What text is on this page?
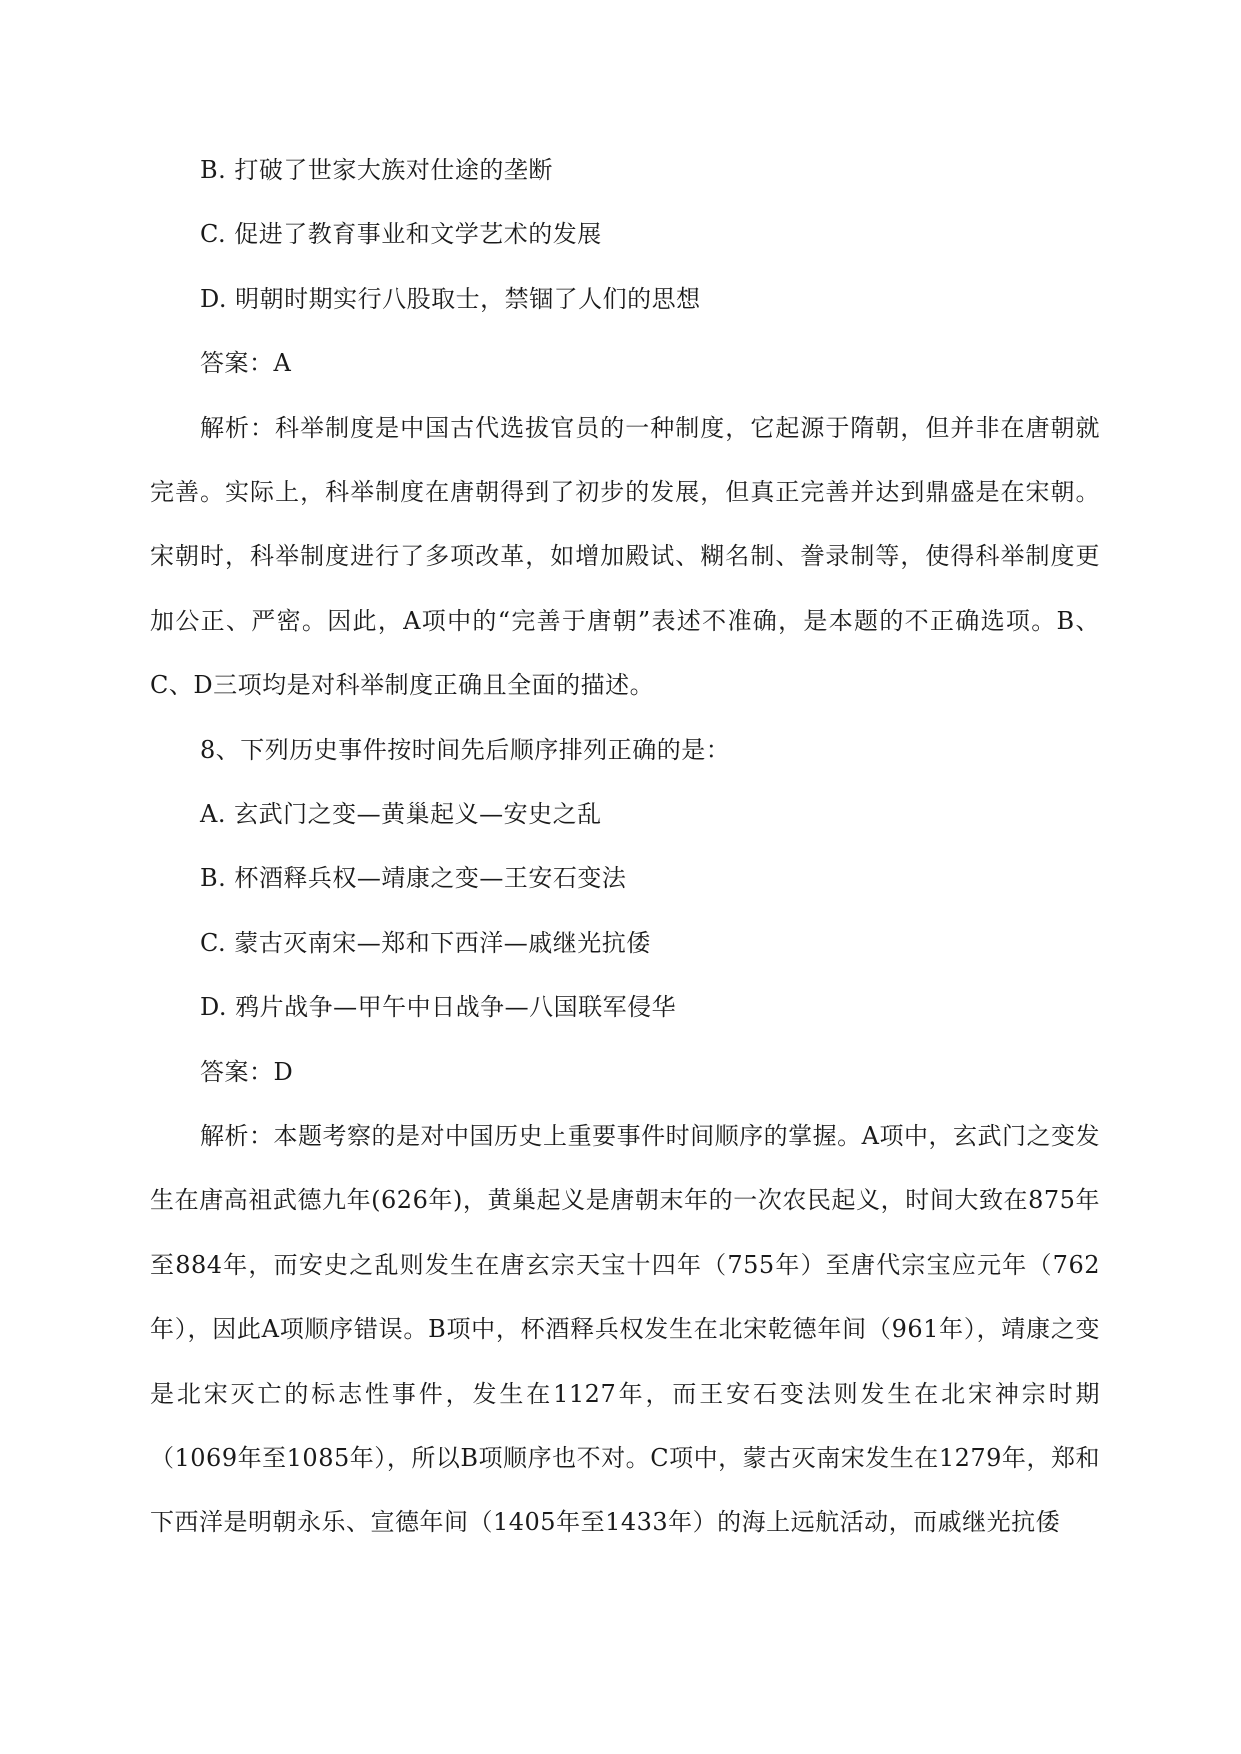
B. 打破了世家大族对仕途的垄断
C. 促进了教育事业和文学艺术的发展
D. 明朝时期实行八股取士，禁锢了人们的思想
答案：A

解析：科举制度是中国古代选拔官员的一种制度，它起源于隋朝，但并非在唐朝就完善。实际上，科举制度在唐朝得到了初步的发展，但真正完善并达到鼎盛是在宋朝。宋朝时，科举制度进行了多项改革，如增加殿试、糊名制、誊录制等，使得科举制度更加公正、严密。因此，A项中的“完善于唐朝”表述不准确，是本题的不正确选项。B、C、D三项均是对科举制度正确且全面的描述。

8、下列历史事件按时间先后顺序排列正确的是：
A. 玄武门之变—黄巢起义—安史之乱
B. 杯酒释兵权—靖康之变—王安石变法
C. 蒙古灭南宋—郑和下西洋—戚继光抗倭
D. 鸦片战争—甲午中日战争—八国联军侵华
答案：D

解析：本题考察的是对中国历史上重要事件时间顺序的掌握。A项中，玄武门之变发生在唐高祖武德九年(626年)，黄巢起义是唐朝末年的一次农民起义，时间大致在875年至884年，而安史之乱则发生在唐玄宗天宝十四年（755年）至唐代宗宝应元年（762年），因此A项顺序错误。B项中，杯酒释兵权发生在北宋乾德年间（961年），靖康之变是北宋灭亡的标志性事件，发生在1127年，而王安石变法则发生在北宋神宗时期（1069年至1085年），所以B项顺序也不对。C项中，蒙古灭南宋发生在1279年，郑和下西洋是明朝永乐、宣德年间（1405年至1433年）的海上远航活动，而戚继光抗倭
